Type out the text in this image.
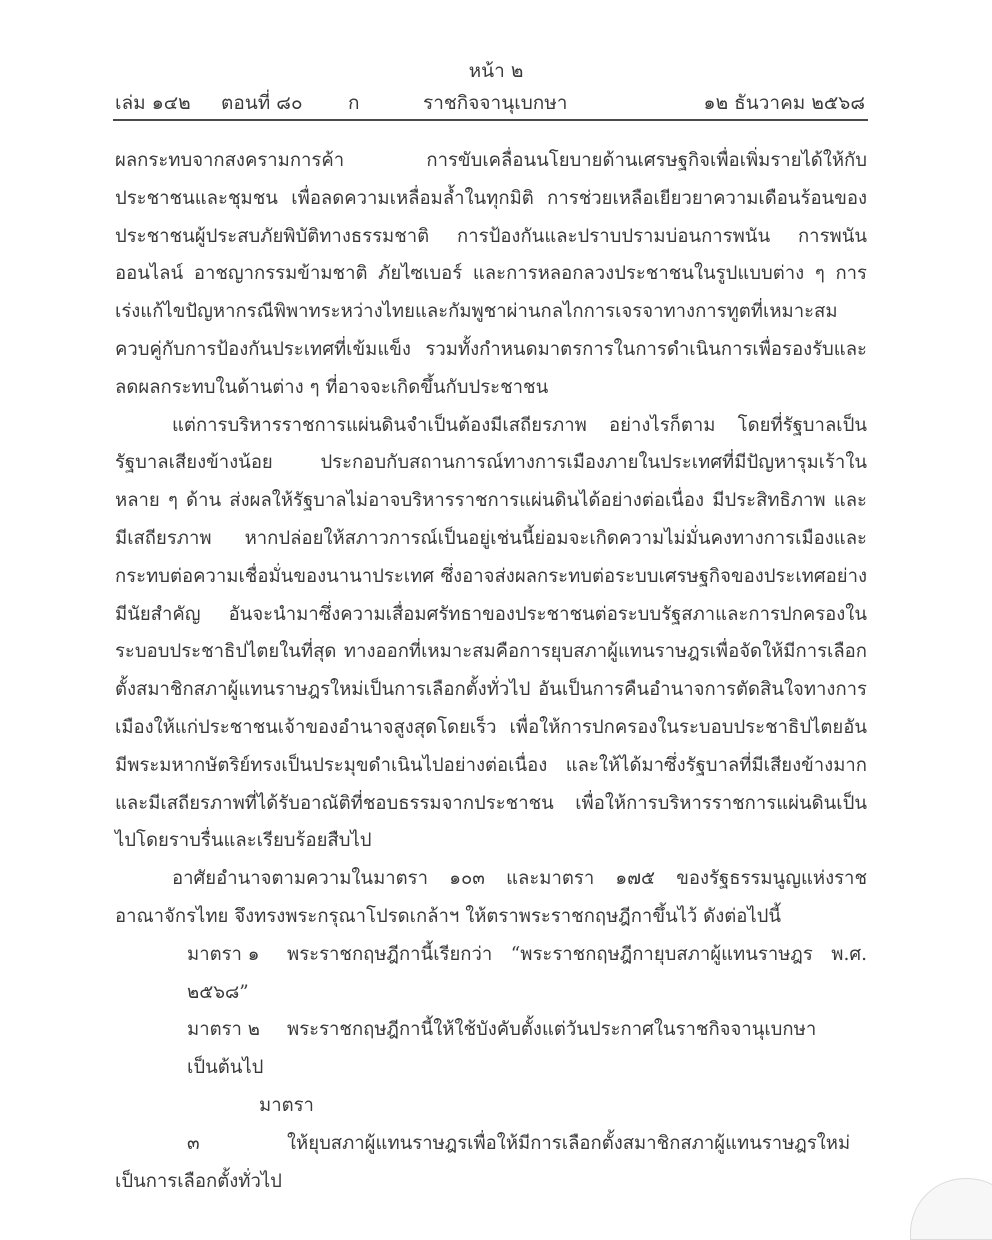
หน้า ๒
เล่ม ๑๔๒ ตอนที่ ๘๐ ก	ราชกิจจานุเบกษา	๑๒ ธันวาคม ๒๕๖๘

ผลกระทบจากสงครามการค้า การขับเคลื่อนนโยบายด้านเศรษฐกิจเพื่อเพิ่มรายได้ให้กับประชาชนและชุมชน เพื่อลดความเหลื่อมล้ำในทุกมิติ การช่วยเหลือเยียวยาความเดือนร้อนของประชาชนผู้ประสบภัยพิบัติทางธรรมชาติ การป้องกันและปราบปรามบ่อนการพนัน การพนันออนไลน์ อาชญากรรมข้ามชาติ ภัยไซเบอร์ และการหลอกลวงประชาชนในรูปแบบต่าง ๆ การเร่งแก้ไขปัญหากรณีพิพาทระหว่างไทยและกัมพูชาผ่านกลไกการเจรจาทางการทูตที่เหมาะสมควบคู่กับการป้องกันประเทศที่เข้มแข็ง รวมทั้งกำหนดมาตรการในการดำเนินการเพื่อรองรับและลดผลกระทบในด้านต่าง ๆ ที่อาจจะเกิดขึ้นกับประชาชน

แต่การบริหารราชการแผ่นดินจำเป็นต้องมีเสถียรภาพ อย่างไรก็ตาม โดยที่รัฐบาลเป็นรัฐบาลเสียงข้างน้อย ประกอบกับสถานการณ์ทางการเมืองภายในประเทศที่มีปัญหารุมเร้าในหลาย ๆ ด้าน ส่งผลให้รัฐบาลไม่อาจบริหารราชการแผ่นดินได้อย่างต่อเนื่อง มีประสิทธิภาพ และมีเสถียรภาพ หากปล่อยให้สภาวการณ์เป็นอยู่เช่นนี้ย่อมจะเกิดความไม่มั่นคงทางการเมืองและกระทบต่อความเชื่อมั่นของนานาประเทศ ซึ่งอาจส่งผลกระทบต่อระบบเศรษฐกิจของประเทศอย่างมีนัยสำคัญ อันจะนำมาซึ่งความเสื่อมศรัทธาของประชาชนต่อระบบรัฐสภาและการปกครองในระบอบประชาธิปไตยในที่สุด ทางออกที่เหมาะสมคือการยุบสภาผู้แทนราษฎรเพื่อจัดให้มีการเลือกตั้งสมาชิกสภาผู้แทนราษฎรใหม่เป็นการเลือกตั้งทั่วไป อันเป็นการคืนอำนาจการตัดสินใจทางการเมืองให้แก่ประชาชนเจ้าของอำนาจสูงสุดโดยเร็ว เพื่อให้การปกครองในระบอบประชาธิปไตยอันมีพระมหากษัตริย์ทรงเป็นประมุขดำเนินไปอย่างต่อเนื่อง และให้ได้มาซึ่งรัฐบาลที่มีเสียงข้างมากและมีเสถียรภาพที่ได้รับอาณัติที่ชอบธรรมจากประชาชน เพื่อให้การบริหารราชการแผ่นดินเป็นไปโดยราบรื่นและเรียบร้อยสืบไป

อาศัยอำนาจตามความในมาตรา ๑๐๓ และมาตรา ๑๗๕ ของรัฐธรรมนูญแห่งราชอาณาจักรไทย จึงทรงพระกรุณาโปรดเกล้าฯ ให้ตราพระราชกฤษฎีกาขึ้นไว้ ดังต่อไปนี้

มาตรา ๑ พระราชกฤษฎีกานี้เรียกว่า “พระราชกฤษฎีกายุบสภาผู้แทนราษฎร พ.ศ. ๒๕๖๘”

มาตรา ๒ พระราชกฤษฎีกานี้ให้ใช้บังคับตั้งแต่วันประกาศในราชกิจจานุเบกษาเป็นต้นไป

มาตรา ๓	ให้ยุบสภาผู้แทนราษฎรเพื่อให้มีการเลือกตั้งสมาชิกสภาผู้แทนราษฎรใหม่ เป็นการเลือกตั้งทั่วไป
